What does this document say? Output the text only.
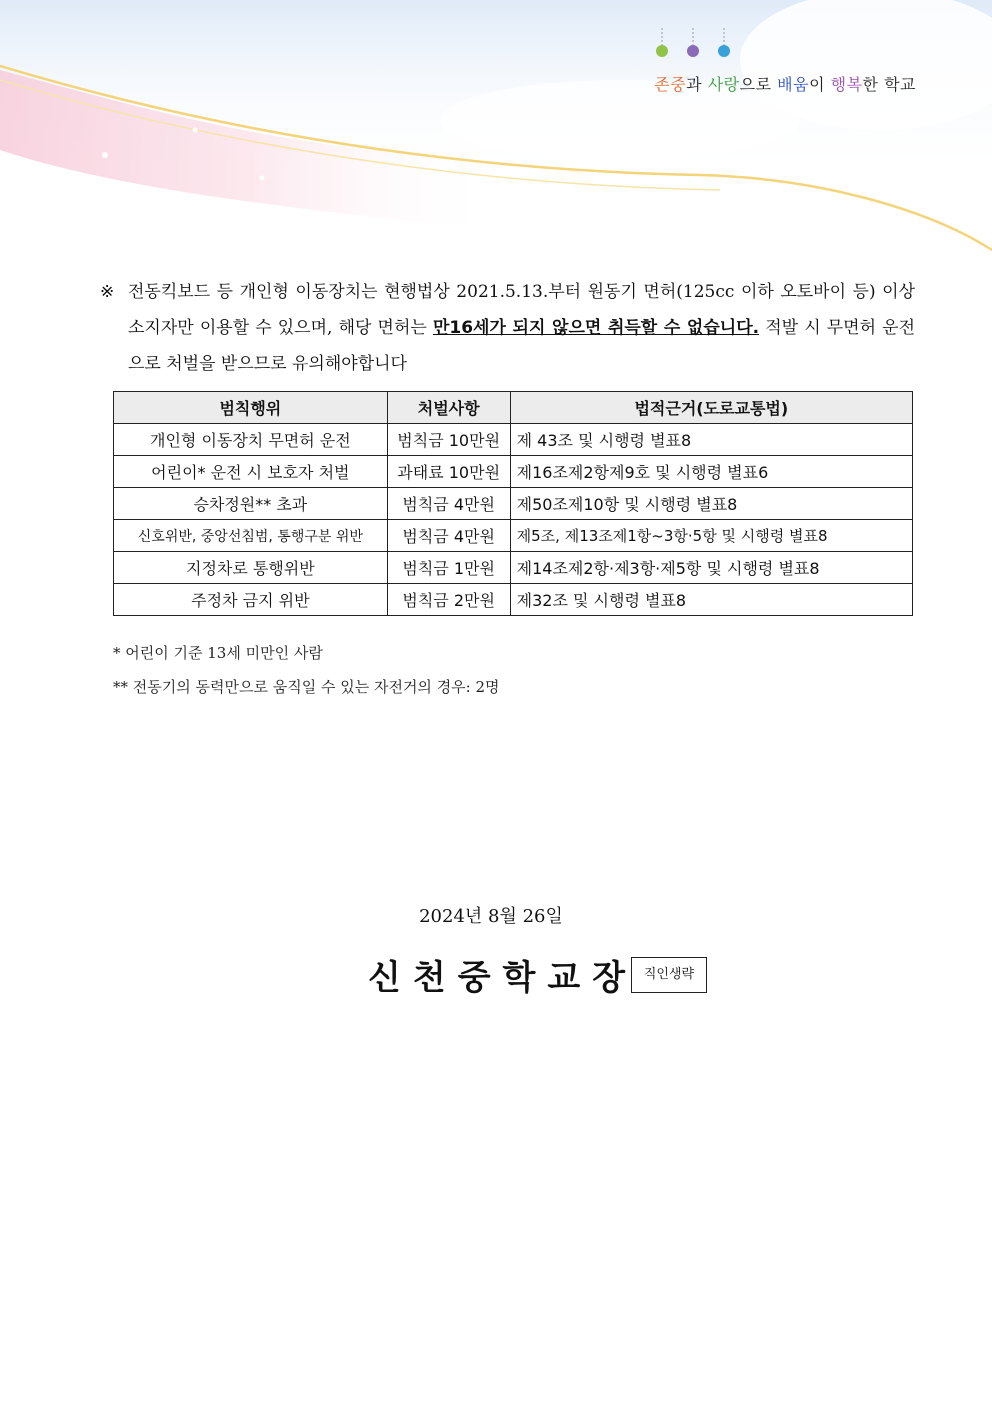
존중과 사랑으로 배움이 행복한 학교
※ 전동킥보드 등 개인형 이동장치는 현행법상 2021.5.13.부터 원동기 면허(125cc 이하 오토바이 등) 이상 소지자만 이용할 수 있으며, 해당 면허는 만16세가 되지 않으면 취득할 수 없습니다. 적발 시 무면허 운전으로 처벌을 받으므로 유의해야합니다
범칙행위	처벌사항	법적근거(도로교통법)
개인형 이동장치 무면허 운전	범칙금 10만원	제 43조 및 시행령 별표8
어린이* 운전 시 보호자 처벌	과태료 10만원	제16조제2항제9호 및 시행령 별표6
승차정원** 초과	범칙금 4만원	제50조제10항 및 시행령 별표8
신호위반, 중앙선침범, 통행구분 위반	범칙금 4만원	제5조, 제13조제1항~3항·5항 및 시행령 별표8
지정차로 통행위반	범칙금 1만원	제14조제2항·제3항·제5항 및 시행령 별표8
주정차 금지 위반	범칙금 2만원	제32조 및 시행령 별표8
* 어린이 기준 13세 미만인 사람
** 전동기의 동력만으로 움직일 수 있는 자전거의 경우: 2명
2024년 8월 26일
신천중학교장 직인생략
